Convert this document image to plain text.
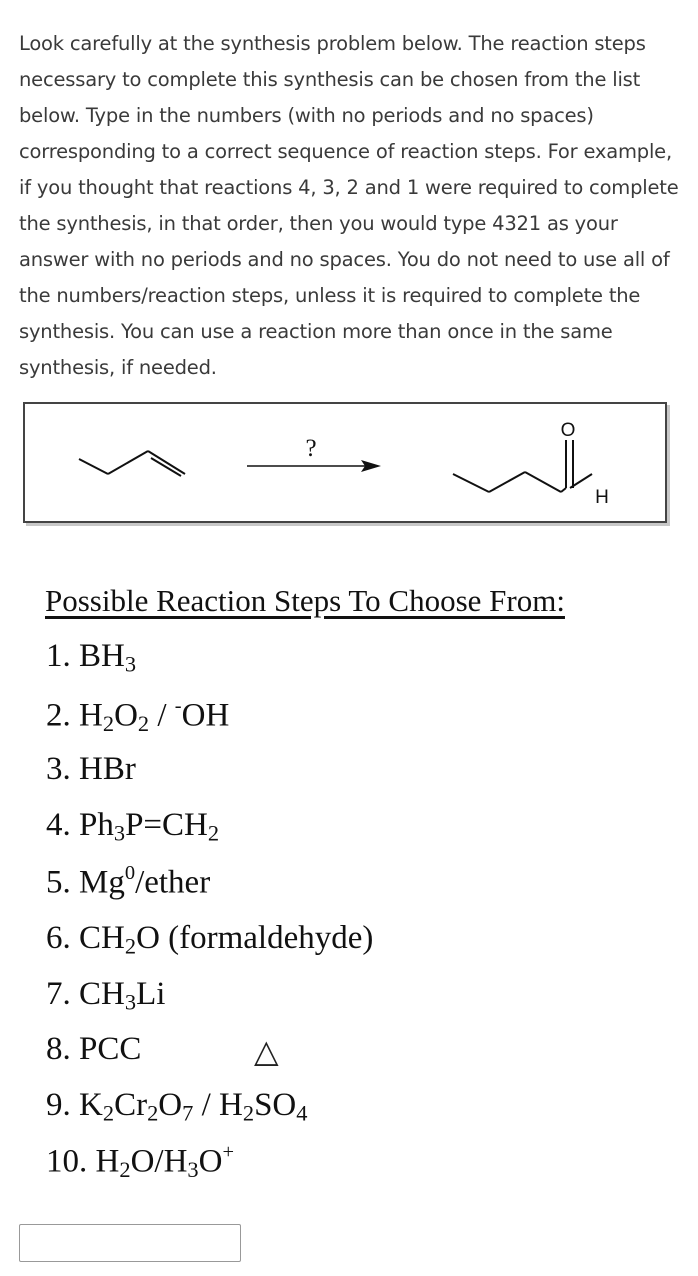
Look carefully at the synthesis problem below. The reaction steps necessary to complete this synthesis can be chosen from the list below. Type in the numbers (with no periods and no spaces) corresponding to a correct sequence of reaction steps. For example, if you thought that reactions 4, 3, 2 and 1 were required to complete the synthesis, in that order, then you would type 4321 as your answer with no periods and no spaces. You do not need to use all of the numbers/reaction steps, unless it is required to complete the synthesis. You can use a reaction more than once in the same synthesis, if needed.
?
O
H
Possible Reaction Steps To Choose From:
1. $BH_3$
2. $H_2O_2 / ^-OH$
3. HBr
4. $Ph_3P=CH_2$
5. Mg$^0$/ether
6. $CH_2O$ (formaldehyde)
7. $CH_3Li$
8. PCC	△
9. $K_2Cr_2O_7 / H_2SO_4$
10. $H_2O/H_3O^+$
